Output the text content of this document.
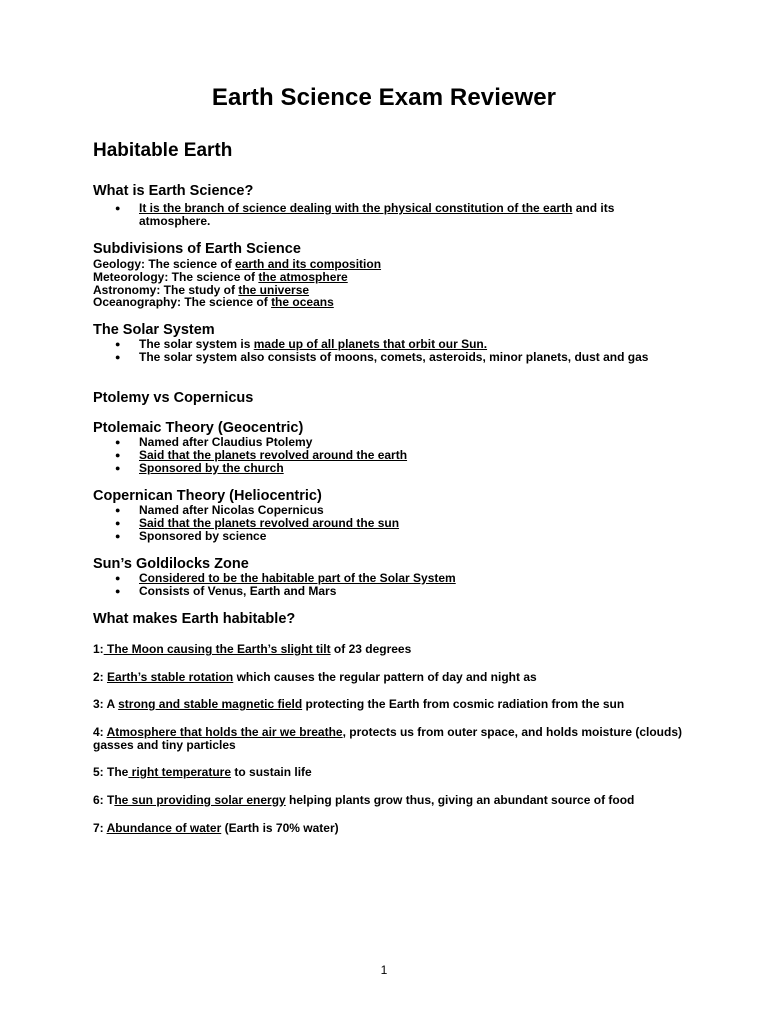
Earth Science Exam Reviewer

Habitable Earth

What is Earth Science?

● It is the branch of science dealing with the physical constitution of the earth and its atmosphere.

Subdivisions of Earth Science

Geology: The science of earth and its composition
Meteorology: The science of the atmosphere
Astronomy: The study of the universe
Oceanography: The science of the oceans

The Solar System

● The solar system is made up of all planets that orbit our Sun.
● The solar system also consists of moons, comets, asteroids, minor planets, dust and gas

Ptolemy vs Copernicus

Ptolemaic Theory (Geocentric)

● Named after Claudius Ptolemy
● Said that the planets revolved around the earth
● Sponsored by the church

Copernican Theory (Heliocentric)

● Named after Nicolas Copernicus
● Said that the planets revolved around the sun
● Sponsored by science

Sun’s Goldilocks Zone

● Considered to be the habitable part of the Solar System
● Consists of Venus, Earth and Mars

What makes Earth habitable?

1: The Moon causing the Earth’s slight tilt of 23 degrees

2: Earth’s stable rotation which causes the regular pattern of day and night as

3: A strong and stable magnetic field protecting the Earth from cosmic radiation from the sun

4: Atmosphere that holds the air we breathe, protects us from outer space, and holds moisture (clouds) gasses and tiny particles

5: The right temperature to sustain life

6: The sun providing solar energy helping plants grow thus, giving an abundant source of food

7: Abundance of water (Earth is 70% water)

1
